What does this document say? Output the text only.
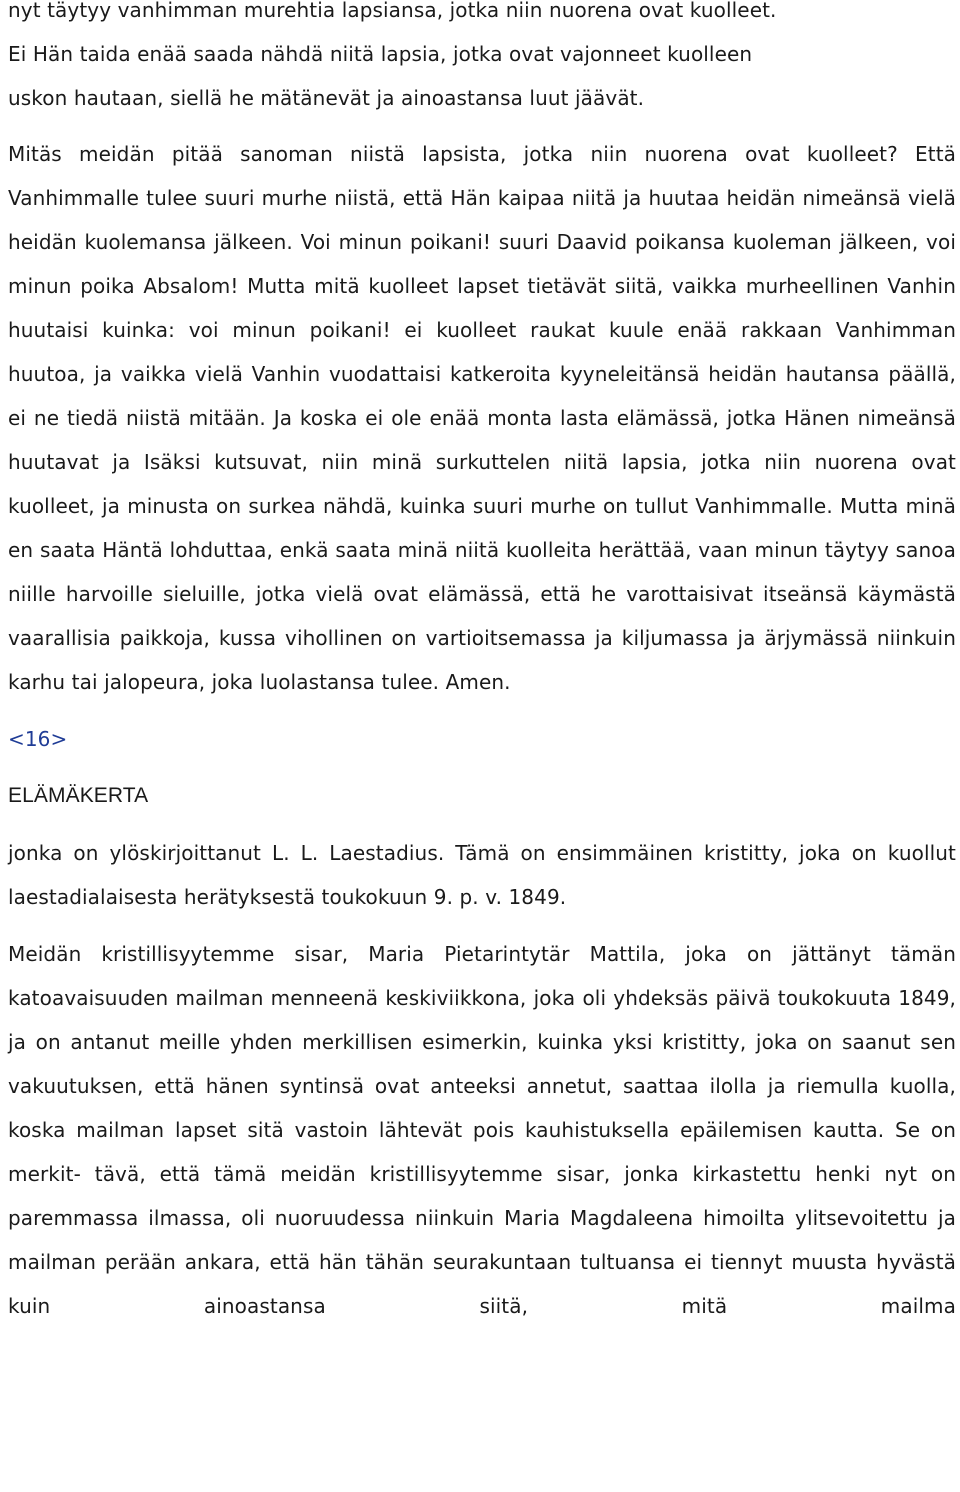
nyt täytyy vanhimman murehtia lapsiansa, jotka niin nuorena ovat kuolleet.
Ei Hän taida enää saada nähdä niitä lapsia, jotka ovat vajonneet kuolleen
uskon hautaan, siellä he mätänevät ja ainoastansa luut jäävät.

Mitäs meidän pitää sanoman niistä lapsista, jotka niin nuorena ovat kuolleet? Että Vanhimmalle tulee suuri murhe niistä, että Hän kaipaa niitä ja huutaa heidän nimeänsä vielä heidän kuolemansa jälkeen. Voi minun poikani! suuri Daavid poikansa kuoleman jälkeen, voi minun poika Absalom! Mutta mitä kuolleet lapset tietävät siitä, vaikka murheellinen Vanhin huutaisi kuinka: voi minun poikani! ei kuolleet raukat kuule enää rakkaan Vanhimman huutoa, ja vaikka vielä Vanhin vuodattaisi katkeroita kyyneleitänsä heidän hautansa päällä, ei ne tiedä niistä mitään. Ja koska ei ole enää monta lasta elämässä, jotka Hänen nimeänsä huutavat ja Isäksi kutsuvat, niin minä surkuttelen niitä lapsia, jotka niin nuorena ovat kuolleet, ja minusta on surkea nähdä, kuinka suuri murhe on tullut Vanhimmalle. Mutta minä en saata Häntä lohduttaa, enkä saata minä niitä kuolleita herättää, vaan minun täytyy sanoa niille harvoille sieluille, jotka vielä ovat elämässä, että he varottaisivat itseänsä käymästä vaarallisia paikkoja, kussa vihollinen on vartioitsemassa ja kiljumassa ja ärjymässä niinkuin karhu tai jalopeura, joka luolastansa tulee. Amen.

<16>
ELÄMÄKERTA

jonka on ylöskirjoittanut L. L. Laestadius. Tämä on ensimmäinen kristitty, joka on kuollut laestadialaisesta herätyksestä toukokuun 9. p. v. 1849.

Meidän kristillisyytemme sisar, Maria Pietarintytär Mattila, joka on jättänyt tämän katoavaisuuden mailman menneenä keskiviikkona, joka oli yhdeksäs päivä toukokuuta 1849, ja on antanut meille yhden merkillisen esimerkin, kuinka yksi kristitty, joka on saanut sen vakuutuksen, että hänen syntinsä ovat anteeksi annetut, saattaa ilolla ja riemulla kuolla, koska mailman lapset sitä vastoin lähtevät pois kauhistuksella epäilemisen kautta. Se on merkit- tävä, että tämä meidän kristillisyytemme sisar, jonka kirkastettu henki nyt on paremmassa ilmassa, oli nuoruudessa niinkuin Maria Magdaleena himoilta ylitsevoitettu ja mailman perään ankara, että hän tähän seurakuntaan tultuansa ei tiennyt muusta hyvästä kuin ainoastansa siitä, mitä mailma
